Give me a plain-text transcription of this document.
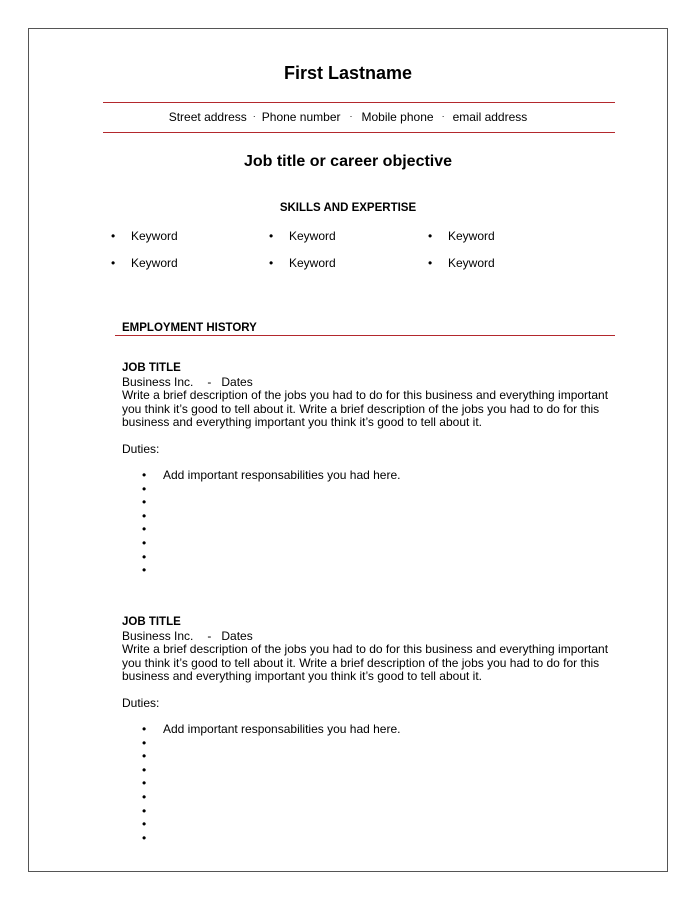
First Lastname
Street address · Phone number · Mobile phone · email address
Job title or career objective
SKILLS AND EXPERTISE
• Keyword	• Keyword	• Keyword
• Keyword	• Keyword	• Keyword
EMPLOYMENT HISTORY
JOB TITLE
Business Inc. - Dates
Write a brief description of the jobs you had to do for this business and everything important
you think it’s good to tell about it. Write a brief description of the jobs you had to do for this
business and everything important you think it’s good to tell about it.
Duties:
• Add important responsabilities you had here.
•
•
•
•
•
•
•
JOB TITLE
Business Inc. - Dates
Write a brief description of the jobs you had to do for this business and everything important
you think it’s good to tell about it. Write a brief description of the jobs you had to do for this
business and everything important you think it’s good to tell about it.
Duties:
• Add important responsabilities you had here.
•
•
•
•
•
•
•
•
